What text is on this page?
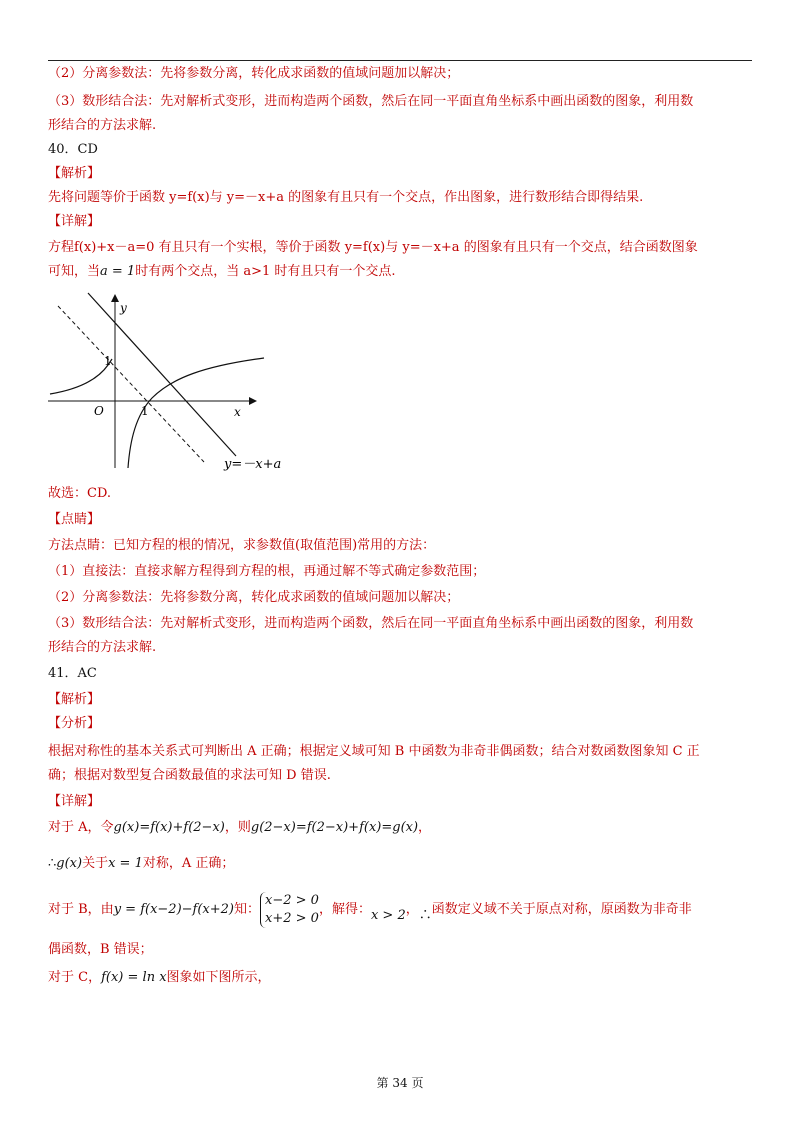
（2）分离参数法：先将参数分离，转化成求函数的值域问题加以解决；
（3）数形结合法：先对解析式变形，进而构造两个函数，然后在同一平面直角坐标系中画出函数的图象，利用数
形结合的方法求解.
40．CD
【解析】
先将问题等价于函数 y=f(x)与 y=－x+a 的图象有且只有一个交点，作出图象，进行数形结合即得结果.
【详解】
方程f(x)+x－a=0 有且只有一个实根，等价于函数 y=f(x)与 y=－x+a 的图象有且只有一个交点，结合函数图象
可知，当a = 1时有两个交点，当 a>1 时有且只有一个交点.
y
x
O	1
1
y=－x+a
故选：CD.
【点睛】
方法点睛：已知方程的根的情况，求参数值(取值范围)常用的方法：
（1）直接法：直接求解方程得到方程的根，再通过解不等式确定参数范围；
（2）分离参数法：先将参数分离，转化成求函数的值域问题加以解决；
（3）数形结合法：先对解析式变形，进而构造两个函数，然后在同一平面直角坐标系中画出函数的图象，利用数
形结合的方法求解.
41．AC
【解析】
【分析】
根据对称性的基本关系式可判断出 A 正确；根据定义域可知 B 中函数为非奇非偶函数；结合对数函数图象知 C 正
确；根据对数型复合函数最值的求法可知 D 错误.
【详解】
对于 A，令g(x)=f(x)+f(2−x)，则g(2−x)=f(2−x)+f(x)=g(x)，
∴g(x)关于x = 1对称，A 正确；
对于 B，由y = f(x−2)−f(x+2)知：x−2 > 0
x+2 > 0，解得：x > 2，∴函数定义域不关于原点对称，原函数为非奇非
偶函数，B 错误；
对于 C，f(x) = ln x图象如下图所示，
第 34 页
